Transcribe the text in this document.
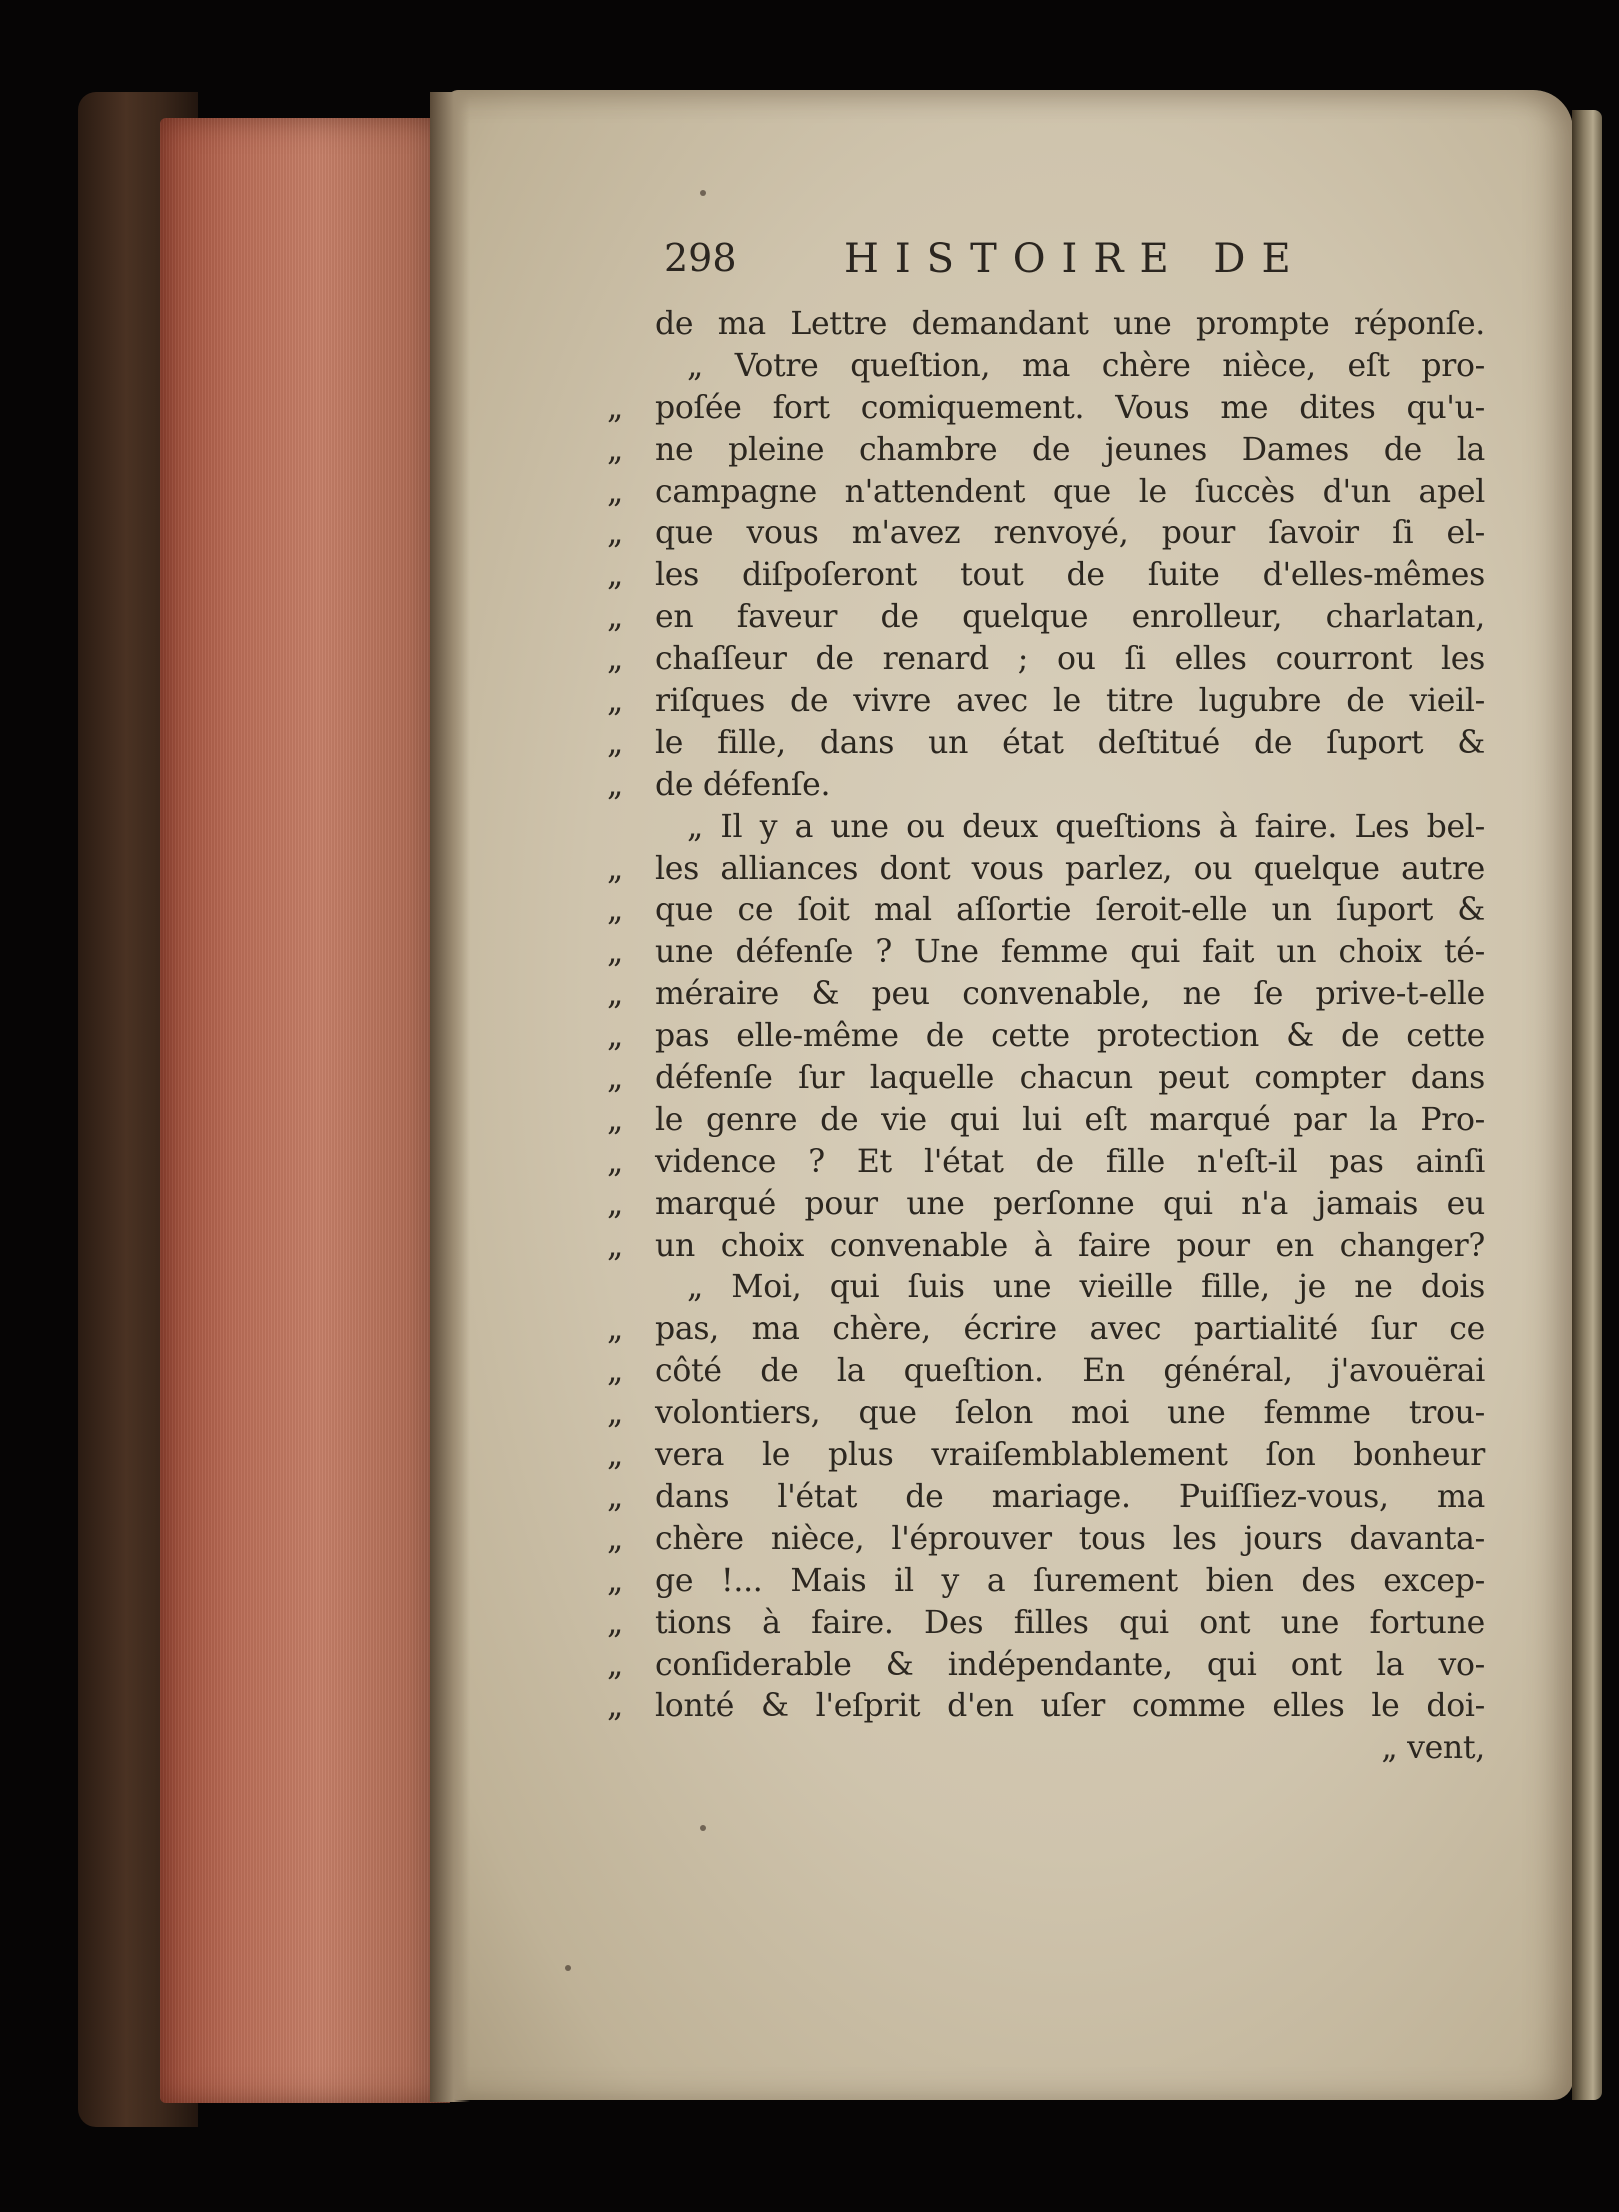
298	HISTOIRE DE
de ma Lettre demandant une prompte réponſe.
„ Votre queſtion, ma chère nièce, eſt pro-
„	poſée fort comiquement. Vous me dites qu'u-
„	ne pleine chambre de jeunes Dames de la
„	campagne n'attendent que le ſuccès d'un apel
„	que vous m'avez renvoyé, pour ſavoir ſi el-
„	les diſpoſeront tout de ſuite d'elles-mêmes
„	en faveur de quelque enrolleur, charlatan,
„	chaſſeur de renard ; ou ſi elles courront les
„	riſques de vivre avec le titre lugubre de vieil-
„	le fille, dans un état deſtitué de ſuport &
„	de défenſe.
„ Il y a une ou deux queſtions à faire. Les bel-
„	les alliances dont vous parlez, ou quelque autre
„	que ce ſoit mal aſſortie ſeroit-elle un ſuport &
„	une défenſe ? Une femme qui fait un choix té-
„	méraire & peu convenable, ne ſe prive-t-elle
„	pas elle-même de cette protection & de cette
„	défenſe ſur laquelle chacun peut compter dans
„	le genre de vie qui lui eſt marqué par la Pro-
„	vidence ? Et l'état de fille n'eſt-il pas ainſi
„	marqué pour une perſonne qui n'a jamais eu
„	un choix convenable à faire pour en changer?
„ Moi, qui ſuis une vieille fille, je ne dois
„	pas, ma chère, écrire avec partialité ſur ce
„	côté de la queſtion. En général, j'avouërai
„	volontiers, que ſelon moi une femme trou-
„	vera le plus vraiſemblablement ſon bonheur
„	dans l'état de mariage. Puiſſiez-vous, ma
„	chère nièce, l'éprouver tous les jours davanta-
„	ge !... Mais il y a ſurement bien des excep-
„	tions à faire. Des filles qui ont une fortune
„	conſiderable & indépendante, qui ont la vo-
„	lonté & l'eſprit d'en uſer comme elles le doi-
„ vent,
